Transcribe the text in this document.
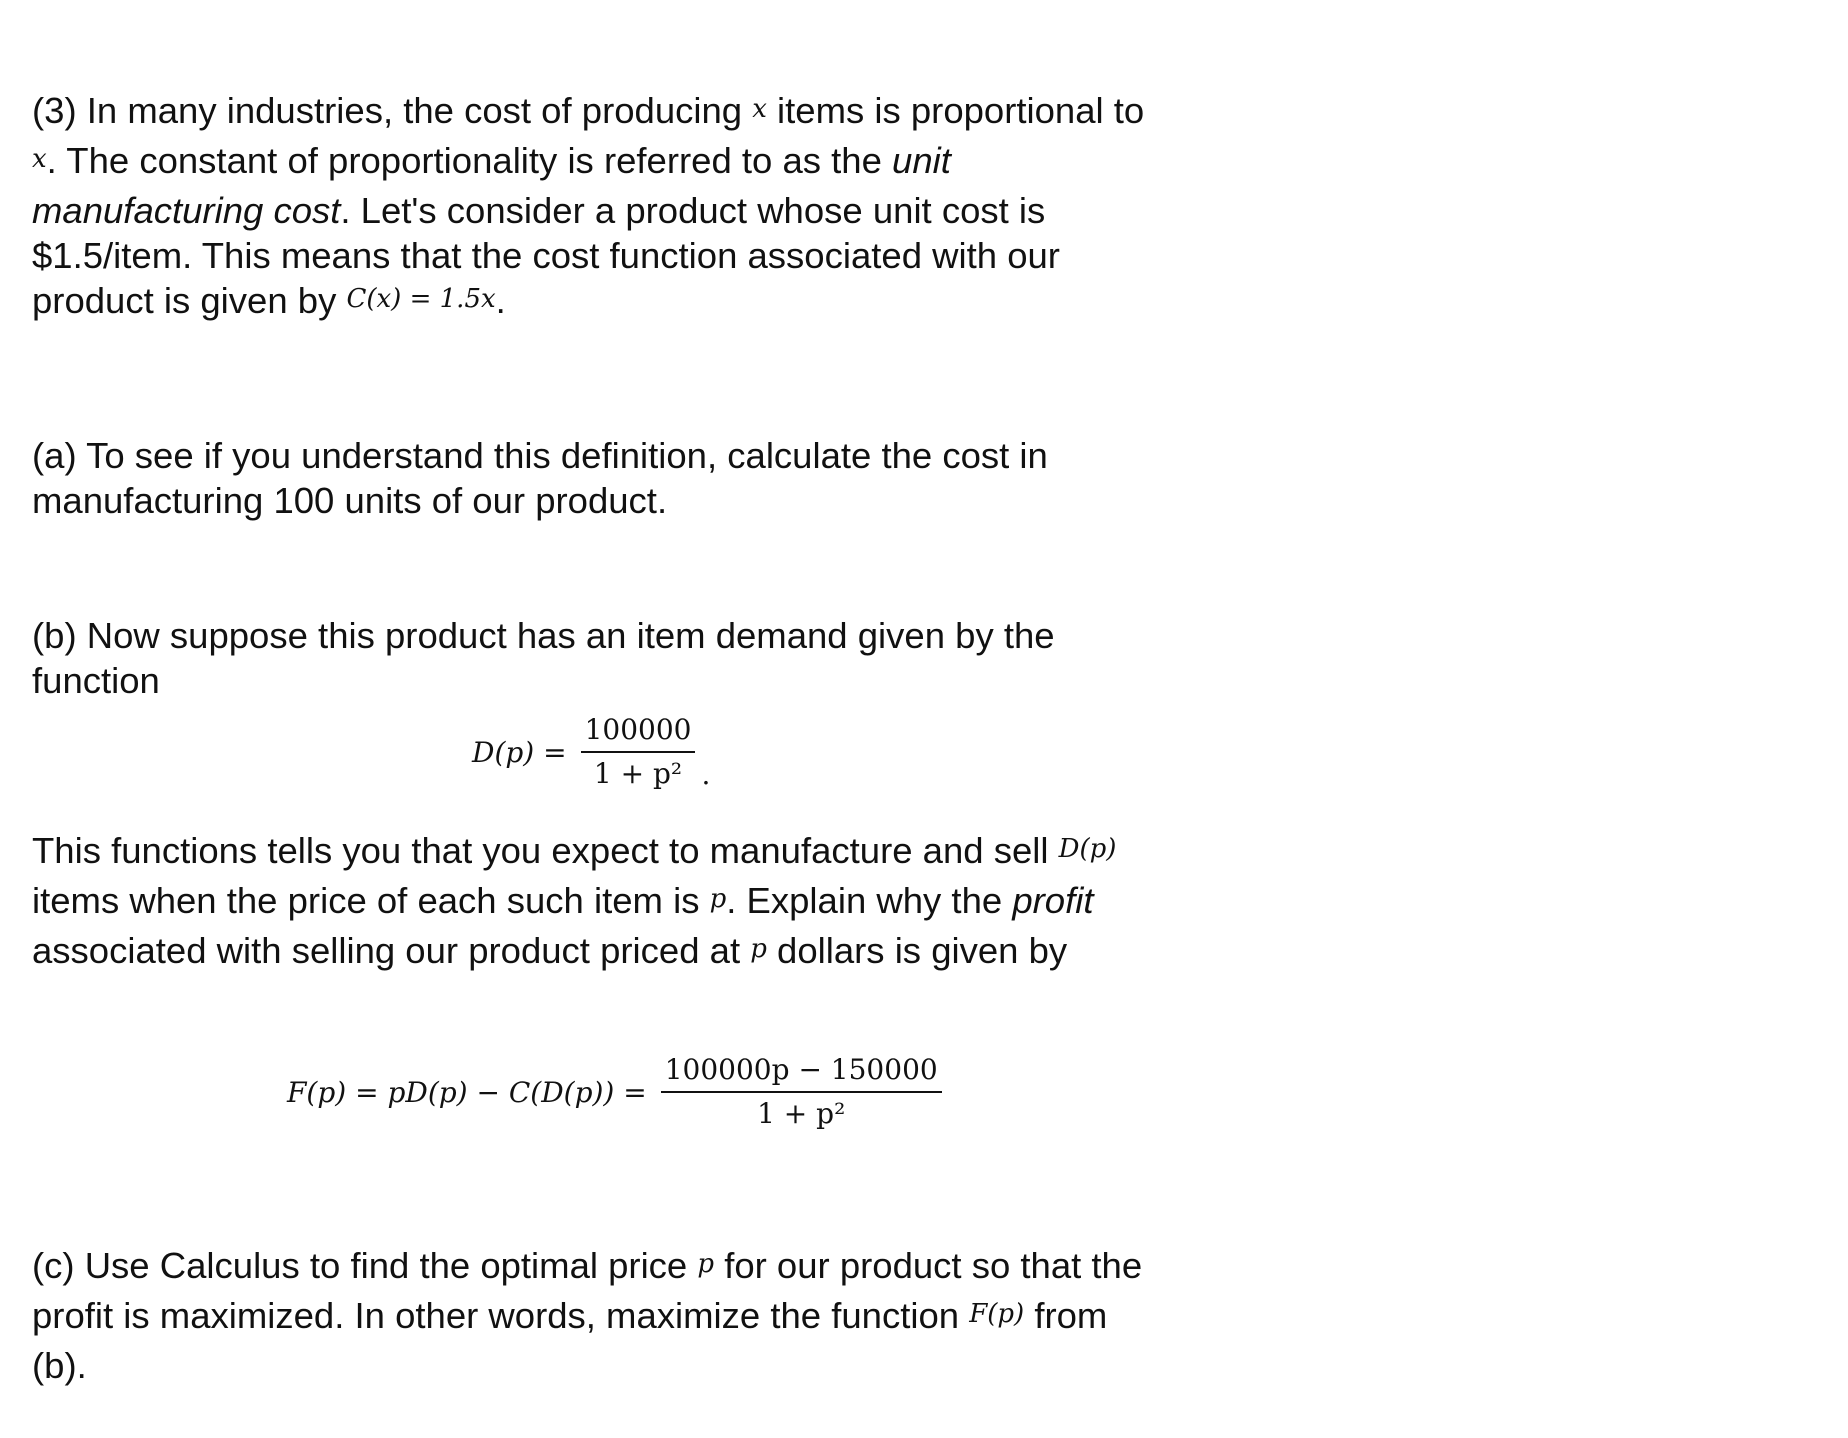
(3) In many industries, the cost of producing x items is proportional to x. The constant of proportionality is referred to as the unit manufacturing cost. Let's consider a product whose unit cost is $1.5/item. This means that the cost function associated with our product is given by C(x) = 1.5x.

(a) To see if you understand this definition, calculate the cost in manufacturing 100 units of our product.

(b) Now suppose this product has an item demand given by the function

$D(p) = \frac{100000}{\text{1 + p²}}$ .

This functions tells you that you expect to manufacture and sell D(p) items when the price of each such item is p. Explain why the profit associated with selling our product priced at p dollars is given by

$F(p) = pD(p) - C(D(p)) = \frac{100000p - 150000}{\text{1 + p²}}$

(c) Use Calculus to find the optimal price p for our product so that the profit is maximized. In other words, maximize the function F(p) from (b).
